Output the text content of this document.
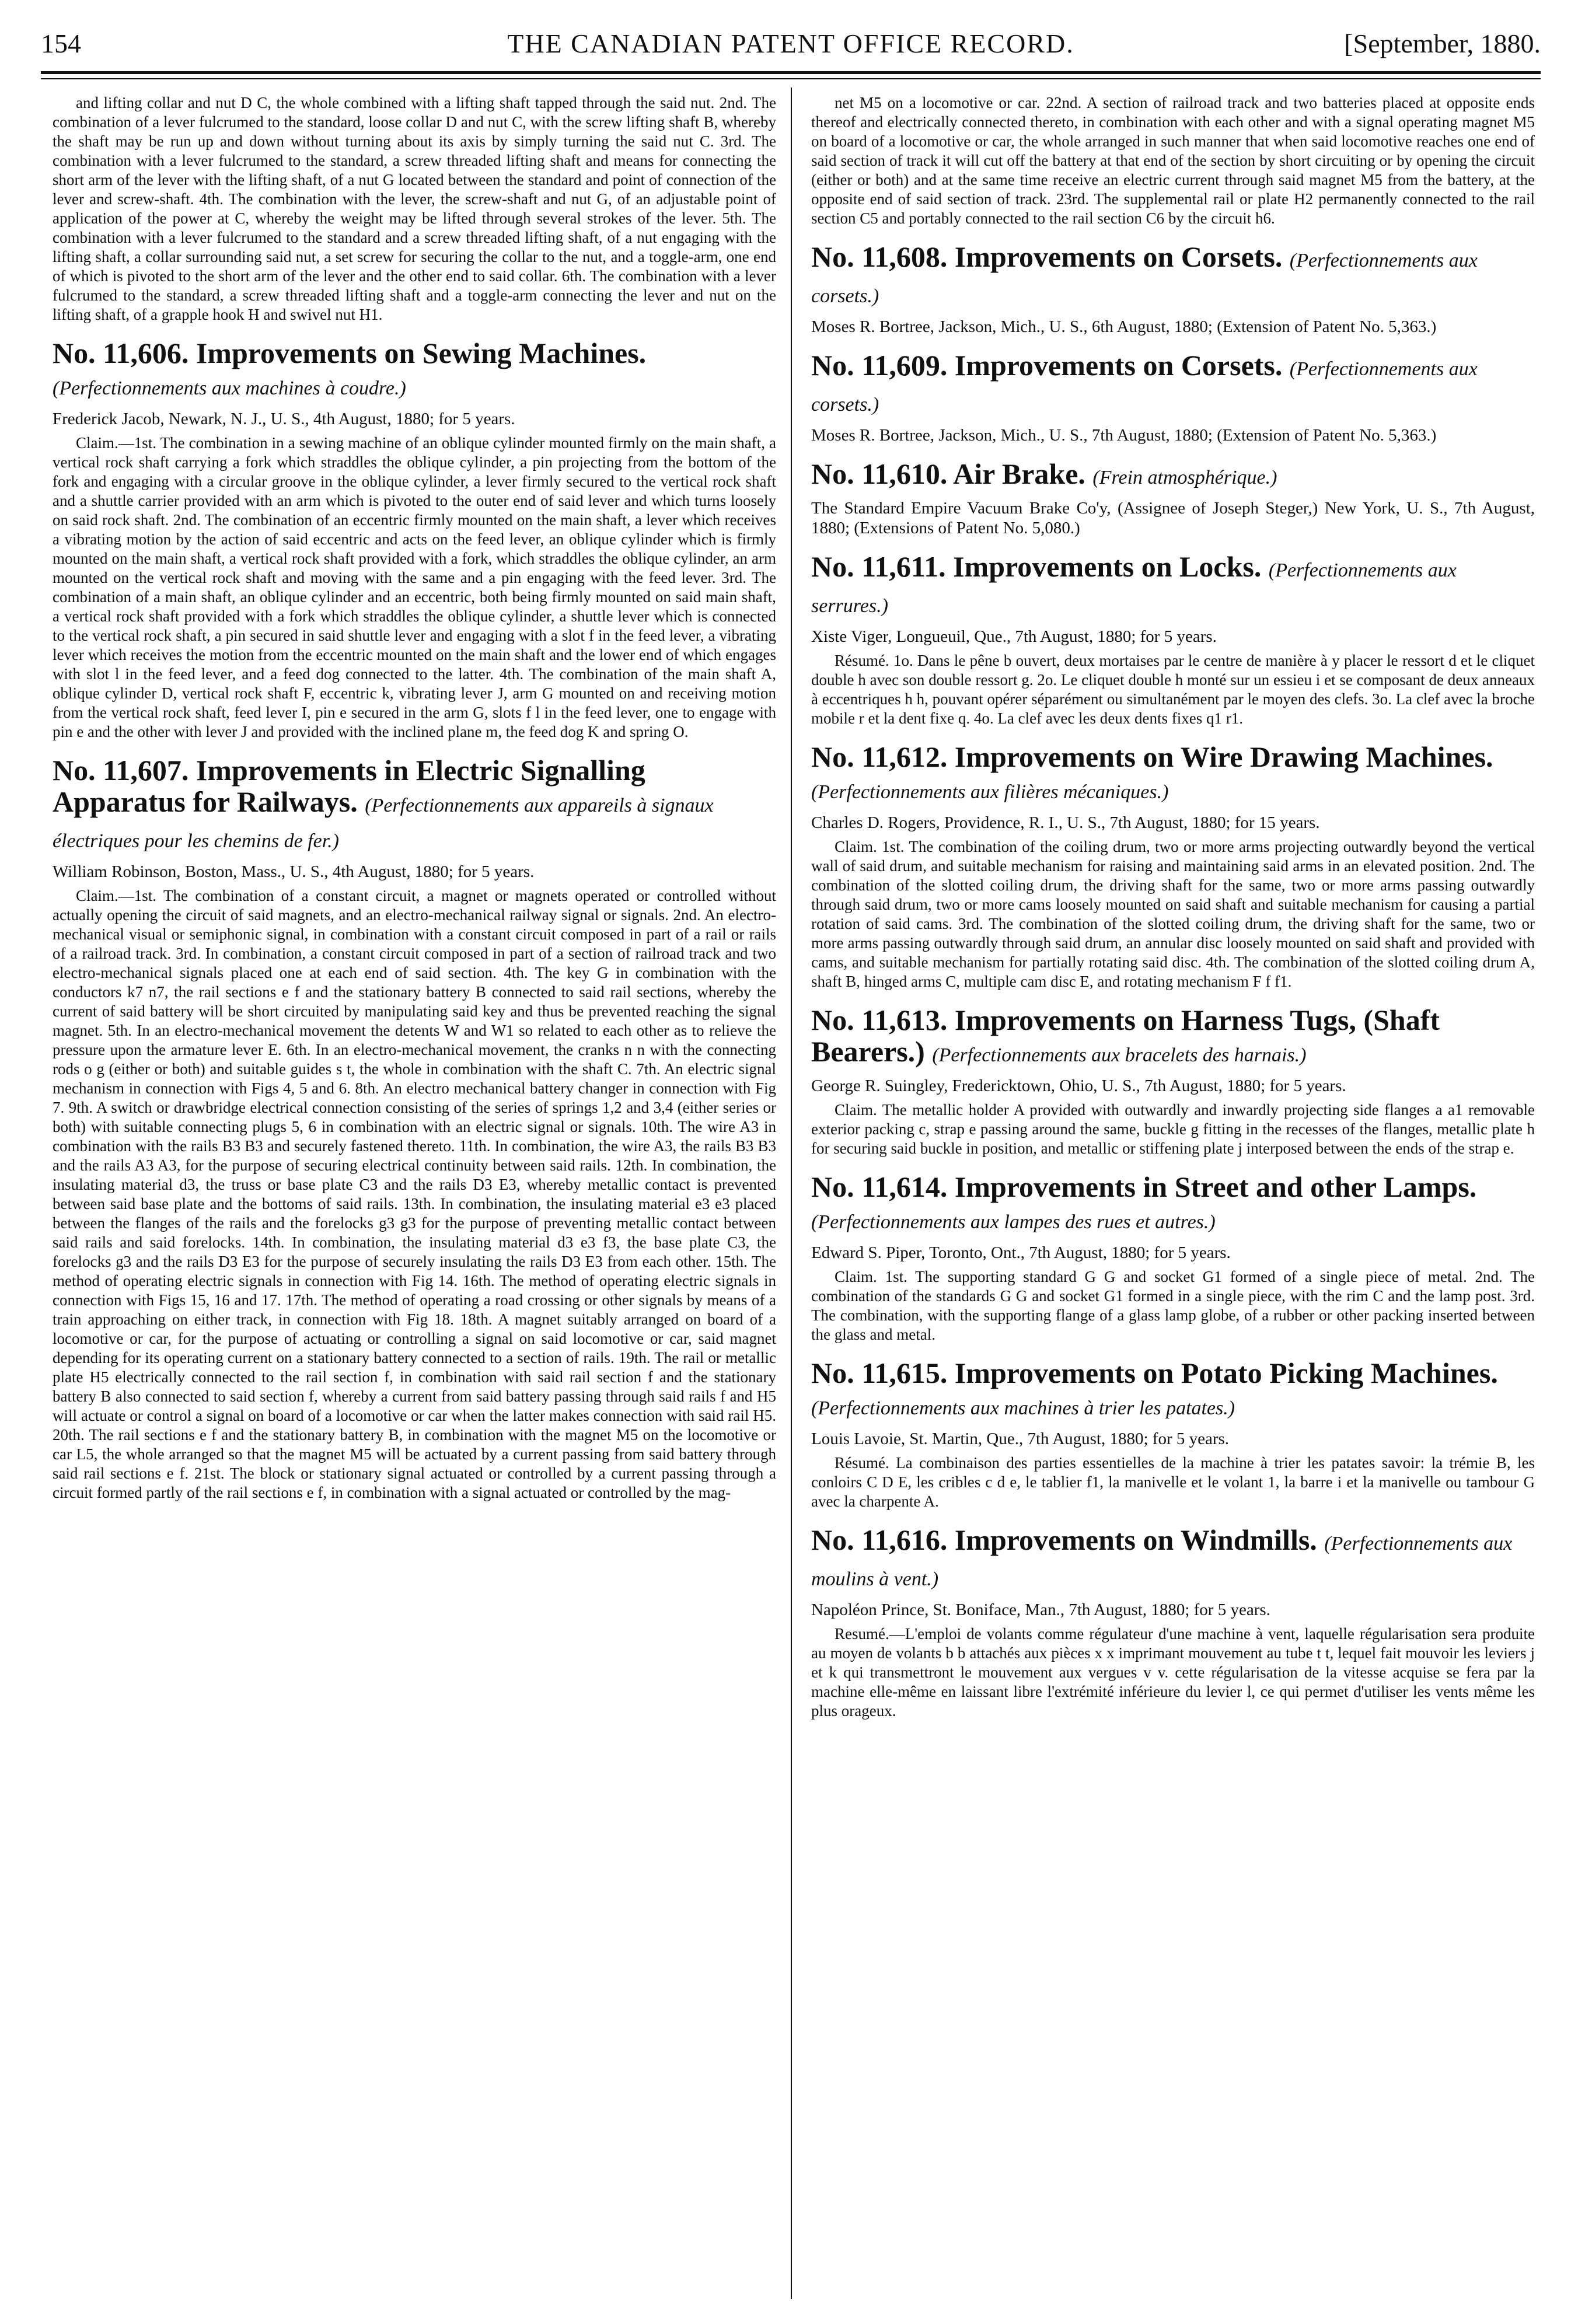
THE CANADIAN PATENT OFFICE RECORD.
154	[September, 1880.

and lifting collar and nut D C, the whole combined with a lifting shaft tapped through the said nut. 2nd. The combination of a lever fulcrumed to the standard, loose collar D and nut C, with the screw lifting shaft B, whereby the shaft may be run up and down without turning about its axis by simply turning the said nut C. 3rd. The combination with a lever fulcrumed to the standard, a screw threaded lifting shaft and means for connecting the short arm of the lever with the lifting shaft, of a nut G located between the standard and point of connection of the lever and screw-shaft. 4th. The combination with the lever, the screw-shaft and nut G, of an adjustable point of application of the power at C, whereby the weight may be lifted through several strokes of the lever. 5th. The combination with a lever fulcrumed to the standard and a screw threaded lifting shaft, of a nut engaging with the lifting shaft, a collar surrounding said nut, a set screw for securing the collar to the nut, and a toggle-arm, one end of which is pivoted to the short arm of the lever and the other end to said collar. 6th. The combination with a lever fulcrumed to the standard, a screw threaded lifting shaft and a toggle-arm connecting the lever and nut on the lifting shaft, of a grapple hook H and swivel nut H1.

No. 11,606. Improvements on Sewing Machines. (Perfectionnements aux machines à coudre.)

Frederick Jacob, Newark, N. J., U. S., 4th August, 1880; for 5 years.

Claim.—1st. The combination in a sewing machine of an oblique cylinder mounted firmly on the main shaft, a vertical rock shaft carrying a fork which straddles the oblique cylinder, a pin projecting from the bottom of the fork and engaging with a circular groove in the oblique cylinder, a lever firmly secured to the vertical rock shaft and a shuttle carrier provided with an arm which is pivoted to the outer end of said lever and which turns loosely on said rock shaft. 2nd. The combination of an eccentric firmly mounted on the main shaft, a lever which receives a vibrating motion by the action of said eccentric and acts on the feed lever, an oblique cylinder which is firmly mounted on the main shaft, a vertical rock shaft provided with a fork, which straddles the oblique cylinder, an arm mounted on the vertical rock shaft and moving with the same and a pin engaging with the feed lever. 3rd. The combination of a main shaft, an oblique cylinder and an eccentric, both being firmly mounted on said main shaft, a vertical rock shaft provided with a fork which straddles the oblique cylinder, a shuttle lever which is connected to the vertical rock shaft, a pin secured in said shuttle lever and engaging with a slot f in the feed lever, a vibrating lever which receives the motion from the eccentric mounted on the main shaft and the lower end of which engages with slot l in the feed lever, and a feed dog connected to the latter. 4th. The combination of the main shaft A, oblique cylinder D, vertical rock shaft F, eccentric k, vibrating lever J, arm G mounted on and receiving motion from the vertical rock shaft, feed lever I, pin e secured in the arm G, slots f l in the feed lever, one to engage with pin e and the other with lever J and provided with the inclined plane m, the feed dog K and spring O.

No. 11,607. Improvements in Electric Signalling Apparatus for Railways. (Perfectionnements aux appareils à signaux électriques pour les chemins de fer.)

William Robinson, Boston, Mass., U. S., 4th August, 1880; for 5 years.

Claim.—1st. The combination of a constant circuit, a magnet or magnets operated or controlled without actually opening the circuit of said magnets, and an electro-mechanical railway signal or signals. 2nd. An electro-mechanical visual or semiphonic signal, in combination with a constant circuit composed in part of a rail or rails of a railroad track. 3rd. In combination, a constant circuit composed in part of a section of railroad track and two electro-mechanical signals placed one at each end of said section. 4th. The key G in combination with the conductors k7 n7, the rail sections e f and the stationary battery B connected to said rail sections, whereby the current of said battery will be short circuited by manipulating said key and thus be prevented reaching the signal magnet. 5th. In an electro-mechanical movement the detents W and W1 so related to each other as to relieve the pressure upon the armature lever E. 6th. In an electro-mechanical movement, the cranks n n with the connecting rods o g (either or both) and suitable guides s t, the whole in combination with the shaft C. 7th. An electric signal mechanism in connection with Figs 4, 5 and 6. 8th. An electro mechanical battery changer in connection with Fig 7. 9th. A switch or drawbridge electrical connection consisting of the series of springs 1,2 and 3,4 (either series or both) with suitable connecting plugs 5, 6 in combination with an electric signal or signals. 10th. The wire A3 in combination with the rails B3 B3 and securely fastened thereto. 11th. In combination, the wire A3, the rails B3 B3 and the rails A3 A3, for the purpose of securing electrical continuity between said rails. 12th. In combination, the insulating material d3, the truss or base plate C3 and the rails D3 E3, whereby metallic contact is prevented between said base plate and the bottoms of said rails. 13th. In combination, the insulating material e3 e3 placed between the flanges of the rails and the forelocks g3 g3 for the purpose of preventing metallic contact between said rails and said forelocks. 14th. In combination, the insulating material d3 e3 f3, the base plate C3, the forelocks g3 and the rails D3 E3 for the purpose of securely insulating the rails D3 E3 from each other. 15th. The method of operating electric signals in connection with Fig 14. 16th. The method of operating electric signals in connection with Figs 15, 16 and 17. 17th. The method of operating a road crossing or other signals by means of a train approaching on either track, in connection with Fig 18. 18th. A magnet suitably arranged on board of a locomotive or car, for the purpose of actuating or controlling a signal on said locomotive or car, said magnet depending for its operating current on a stationary battery connected to a section of rails. 19th. The rail or metallic plate H5 electrically connected to the rail section f, in combination with said rail section f and the stationary battery B also connected to said section f, whereby a current from said battery passing through said rails f and H5 will actuate or control a signal on board of a locomotive or car when the latter makes connection with said rail H5. 20th. The rail sections e f and the stationary battery B, in combination with the magnet M5 on the locomotive or car L5, the whole arranged so that the magnet M5 will be actuated by a current passing from said battery through said rail sections e f. 21st. The block or stationary signal actuated or controlled by a current passing through a circuit formed partly of the rail sections e f, in combination with a signal actuated or controlled by the mag-

net M5 on a locomotive or car. 22nd. A section of railroad track and two batteries placed at opposite ends thereof and electrically connected thereto, in combination with each other and with a signal operating magnet M5 on board of a locomotive or car, the whole arranged in such manner that when said locomotive reaches one end of said section of track it will cut off the battery at that end of the section by short circuiting or by opening the circuit (either or both) and at the same time receive an electric current through said magnet M5 from the battery, at the opposite end of said section of track. 23rd. The supplemental rail or plate H2 permanently connected to the rail section C5 and portably connected to the rail section C6 by the circuit h6.

No. 11,608. Improvements on Corsets. (Perfectionnements aux corsets.)

Moses R. Bortree, Jackson, Mich., U. S., 6th August, 1880; (Extension of Patent No. 5,363.)

No. 11,609. Improvements on Corsets. (Perfectionnements aux corsets.)

Moses R. Bortree, Jackson, Mich., U. S., 7th August, 1880; (Extension of Patent No. 5,363.)

No. 11,610. Air Brake. (Frein atmosphérique.)

The Standard Empire Vacuum Brake Co'y, (Assignee of Joseph Steger,) New York, U. S., 7th August, 1880; (Extensions of Patent No. 5,080.)

No. 11,611. Improvements on Locks. (Perfectionnements aux serrures.)

Xiste Viger, Longueuil, Que., 7th August, 1880; for 5 years.

Résumé. 1o. Dans le pêne b ouvert, deux mortaises par le centre de manière à y placer le ressort d et le cliquet double h avec son double ressort g. 2o. Le cliquet double h monté sur un essieu i et se composant de deux anneaux à eccentriques h h, pouvant opérer séparément ou simultanément par le moyen des clefs. 3o. La clef avec la broche mobile r et la dent fixe q. 4o. La clef avec les deux dents fixes q1 r1.

No. 11,612. Improvements on Wire Drawing Machines. (Perfectionnements aux filières mécaniques.)

Charles D. Rogers, Providence, R. I., U. S., 7th August, 1880; for 15 years.

Claim. 1st. The combination of the coiling drum, two or more arms projecting outwardly beyond the vertical wall of said drum, and suitable mechanism for raising and maintaining said arms in an elevated position. 2nd. The combination of the slotted coiling drum, the driving shaft for the same, two or more arms passing outwardly through said drum, two or more cams loosely mounted on said shaft and suitable mechanism for causing a partial rotation of said cams. 3rd. The combination of the slotted coiling drum, the driving shaft for the same, two or more arms passing outwardly through said drum, an annular disc loosely mounted on said shaft and provided with cams, and suitable mechanism for partially rotating said disc. 4th. The combination of the slotted coiling drum A, shaft B, hinged arms C, multiple cam disc E, and rotating mechanism F f f1.

No. 11,613. Improvements on Harness Tugs, (Shaft Bearers.) (Perfectionnements aux bracelets des harnais.)

George R. Suingley, Fredericktown, Ohio, U. S., 7th August, 1880; for 5 years.

Claim. The metallic holder A provided with outwardly and inwardly projecting side flanges a a1 removable exterior packing c, strap e passing around the same, buckle g fitting in the recesses of the flanges, metallic plate h for securing said buckle in position, and metallic or stiffening plate j interposed between the ends of the strap e.

No. 11,614. Improvements in Street and other Lamps. (Perfectionnements aux lampes des rues et autres.)

Edward S. Piper, Toronto, Ont., 7th August, 1880; for 5 years.

Claim. 1st. The supporting standard G G and socket G1 formed of a single piece of metal. 2nd. The combination of the standards G G and socket G1 formed in a single piece, with the rim C and the lamp post. 3rd. The combination, with the supporting flange of a glass lamp globe, of a rubber or other packing inserted between the glass and metal.

No. 11,615. Improvements on Potato Picking Machines. (Perfectionnements aux machines à trier les patates.)

Louis Lavoie, St. Martin, Que., 7th August, 1880; for 5 years.

Résumé. La combinaison des parties essentielles de la machine à trier les patates savoir: la trémie B, les conloirs C D E, les cribles c d e, le tablier f1, la manivelle et le volant 1, la barre i et la manivelle ou tambour G avec la charpente A.

No. 11,616. Improvements on Windmills. (Perfectionnements aux moulins à vent.)

Napoléon Prince, St. Boniface, Man., 7th August, 1880; for 5 years.

Resumé.—L'emploi de volants comme régulateur d'une machine à vent, laquelle régularisation sera produite au moyen de volants b b attachés aux pièces x x imprimant mouvement au tube t t, lequel fait mouvoir les leviers j et k qui transmettront le mouvement aux vergues v v. cette régularisation de la vitesse acquise se fera par la machine elle-même en laissant libre l'extrémité inférieure du levier l, ce qui permet d'utiliser les vents même les plus orageux.
